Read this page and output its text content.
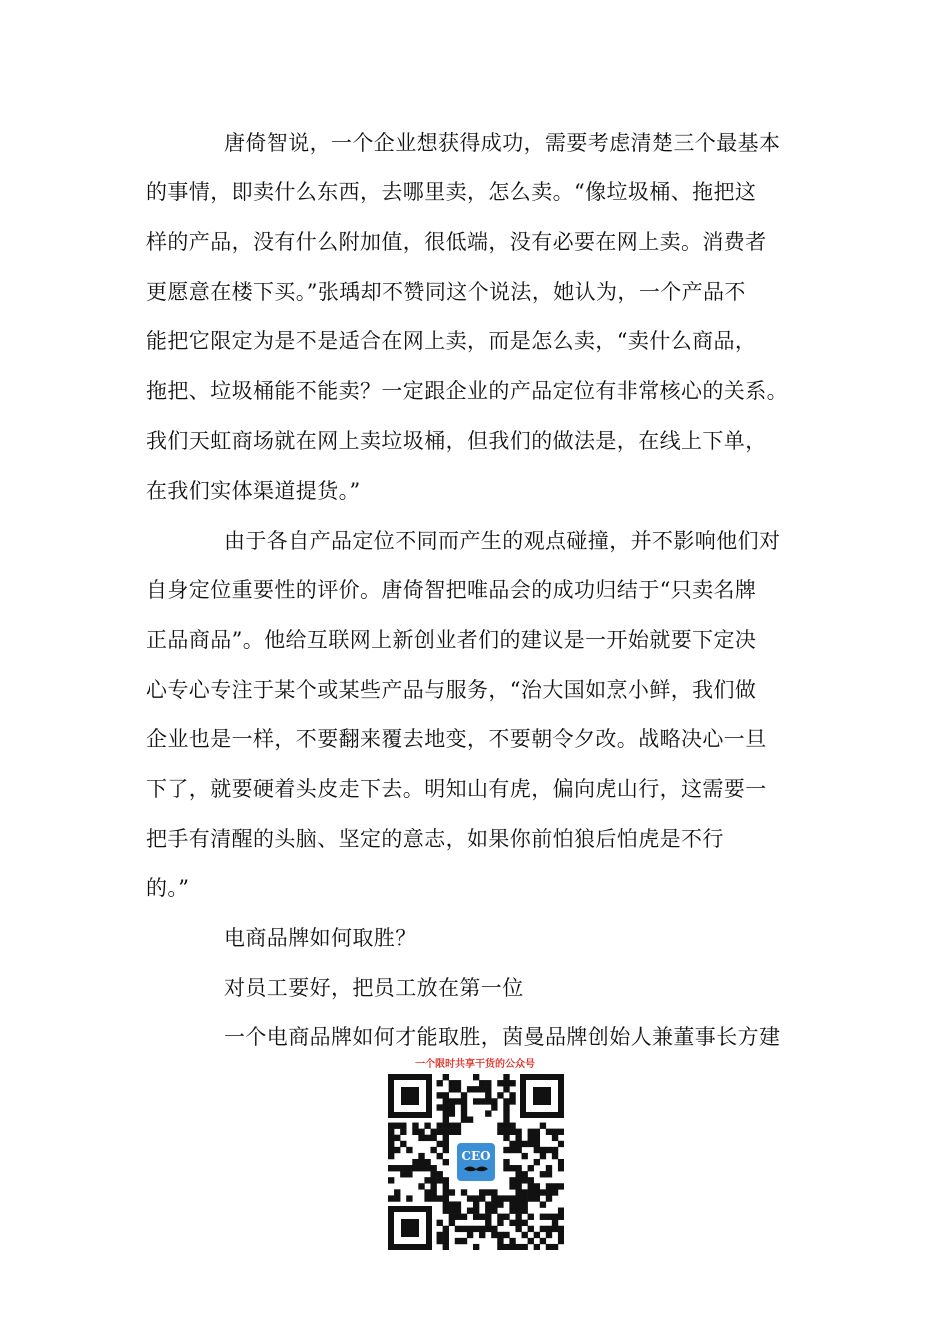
唐倚智说，一个企业想获得成功，需要考虑清楚三个最基本
的事情，即卖什么东西，去哪里卖，怎么卖。“像垃圾桶、拖把这
样的产品，没有什么附加值，很低端，没有必要在网上卖。消费者
更愿意在楼下买。”张瑀却不赞同这个说法，她认为，一个产品不
能把它限定为是不是适合在网上卖，而是怎么卖，“卖什么商品，
拖把、垃圾桶能不能卖？一定跟企业的产品定位有非常核心的关系。
我们天虹商场就在网上卖垃圾桶，但我们的做法是，在线上下单，
在我们实体渠道提货。”
由于各自产品定位不同而产生的观点碰撞，并不影响他们对
自身定位重要性的评价。唐倚智把唯品会的成功归结于“只卖名牌
正品商品”。他给互联网上新创业者们的建议是一开始就要下定决
心专心专注于某个或某些产品与服务，“治大国如烹小鲜，我们做
企业也是一样，不要翻来覆去地变，不要朝令夕改。战略决心一旦
下了，就要硬着头皮走下去。明知山有虎，偏向虎山行，这需要一
把手有清醒的头脑、坚定的意志，如果你前怕狼后怕虎是不行
的。”
电商品牌如何取胜？
对员工要好，把员工放在第一位
一个电商品牌如何才能取胜，茵曼品牌创始人兼董事长方建
一个限时共享干货的公众号
CEO
